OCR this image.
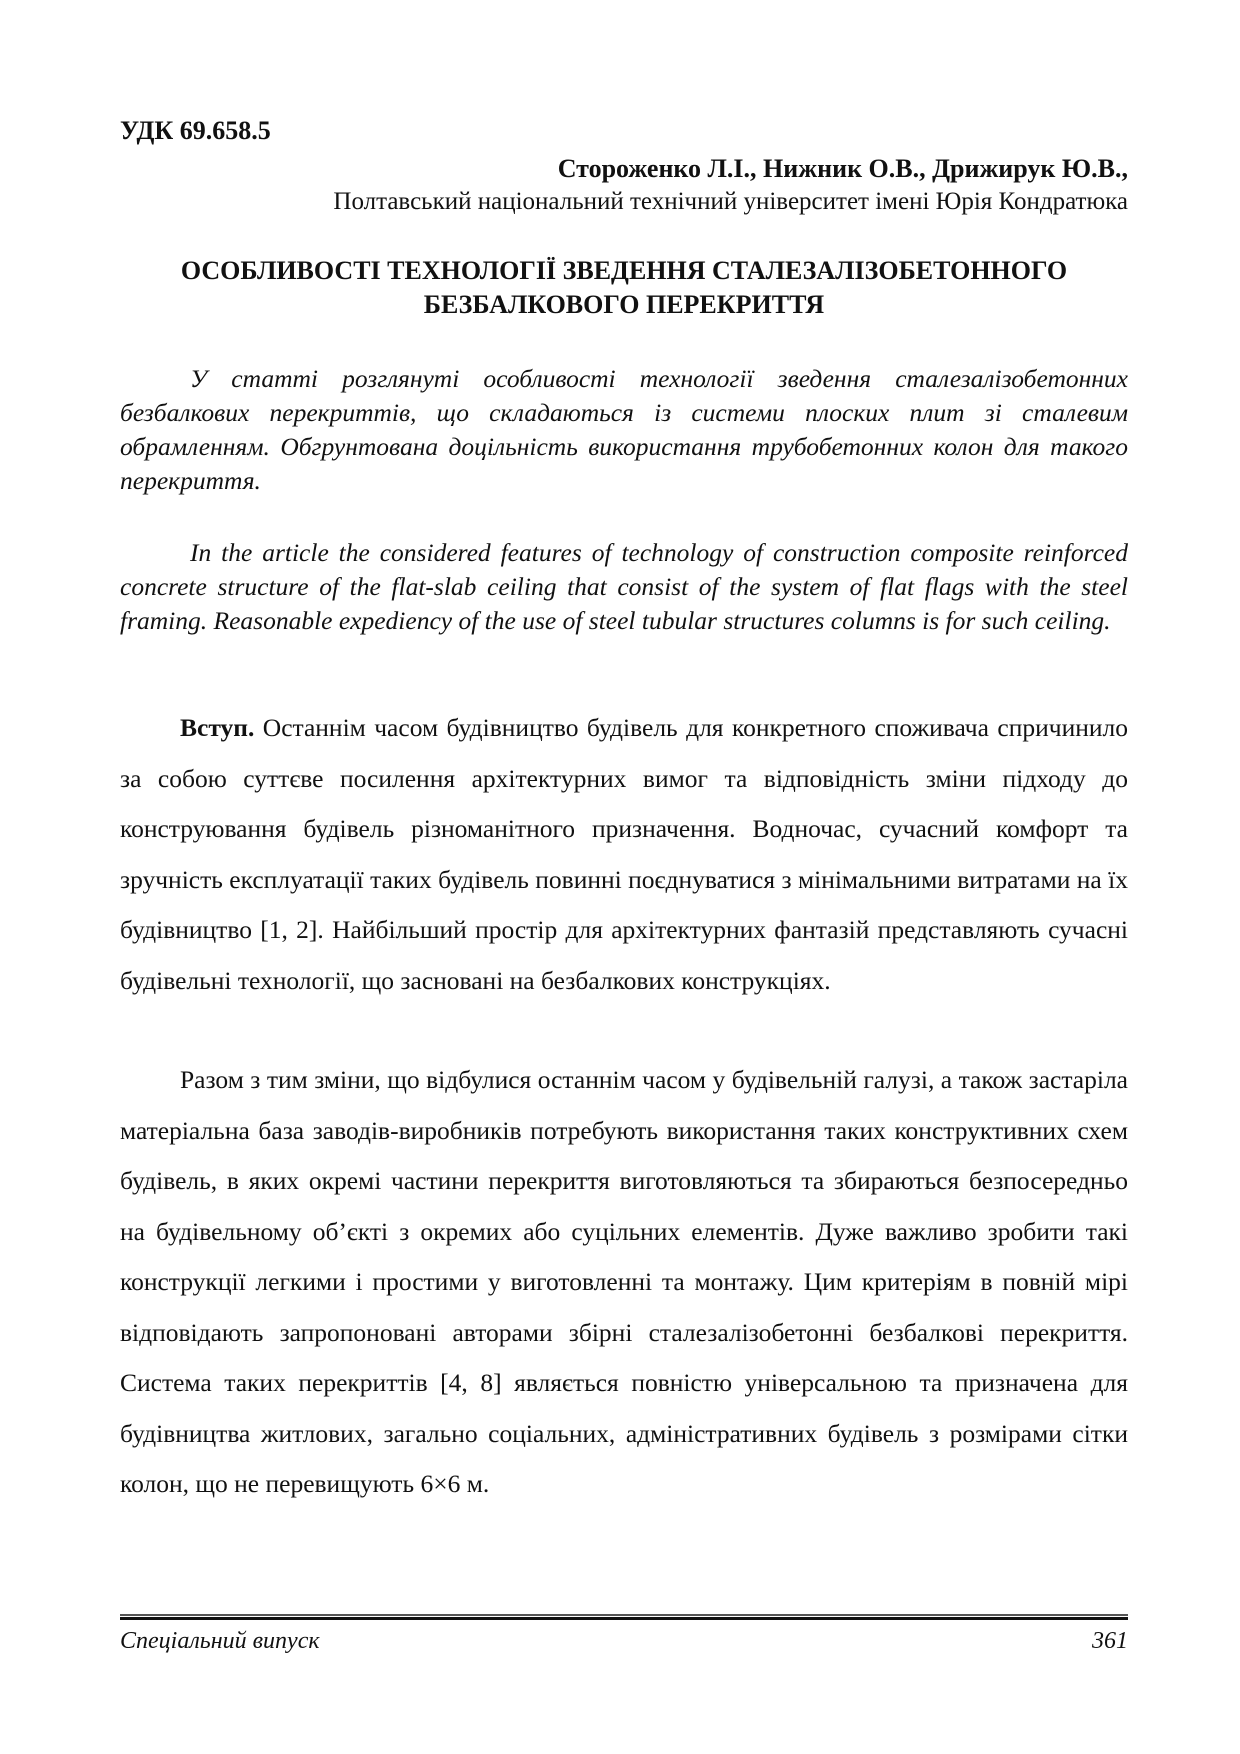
УДК 69.658.5
Стороженко Л.І., Нижник О.В., Дрижирук Ю.В.,
Полтавський національний технічний університет імені Юрія Кондратюка
ОСОБЛИВОСТІ ТЕХНОЛОГІЇ ЗВЕДЕННЯ СТАЛЕЗАЛІЗОБЕТОННОГО
БЕЗБАЛКОВОГО ПЕРЕКРИТТЯ

У статті розглянуті особливості технології зведення сталезалізобетонних безбалкових перекриттів, що складаються із системи плоских плит зі сталевим обрамленням. Обгрунтована доцільність використання трубобетонних колон для такого перекриття.

In the article the considered features of technology of construction composite reinforced concrete structure of the flat-slab ceiling that consist of the system of flat flags with the steel framing. Reasonable expediency of the use of steel tubular structures columns is for such ceiling.

Вступ. Останнім часом будівництво будівель для конкретного споживача спричинило за собою суттєве посилення архітектурних вимог та відповідність зміни підходу до конструювання будівель різноманітного призначення. Водночас, сучасний комфорт та зручність експлуатації таких будівель повинні поєднуватися з мінімальними витратами на їх будівництво [1, 2]. Найбільший простір для архітектурних фантазій представляють сучасні будівельні технології, що засновані на безбалкових конструкціях.

Разом з тим зміни, що відбулися останнім часом у будівельній галузі, а також застаріла матеріальна база заводів-виробників потребують використання таких конструктивних схем будівель, в яких окремі частини перекриття виготовляються та збираються безпосередньо на будівельному об’єкті з окремих або суцільних елементів. Дуже важливо зробити такі конструкції легкими і простими у виготовленні та монтажу. Цим критеріям в повній мірі відповідають запропоновані авторами збірні сталезалізобетонні безбалкові перекриття. Система таких перекриттів [4, 8] являється повністю універсальною та призначена для будівництва житлових, загально соціальних, адміністративних будівель з розмірами сітки колон, що не перевищують 6×6 м.

Спеціальний випуск	361
